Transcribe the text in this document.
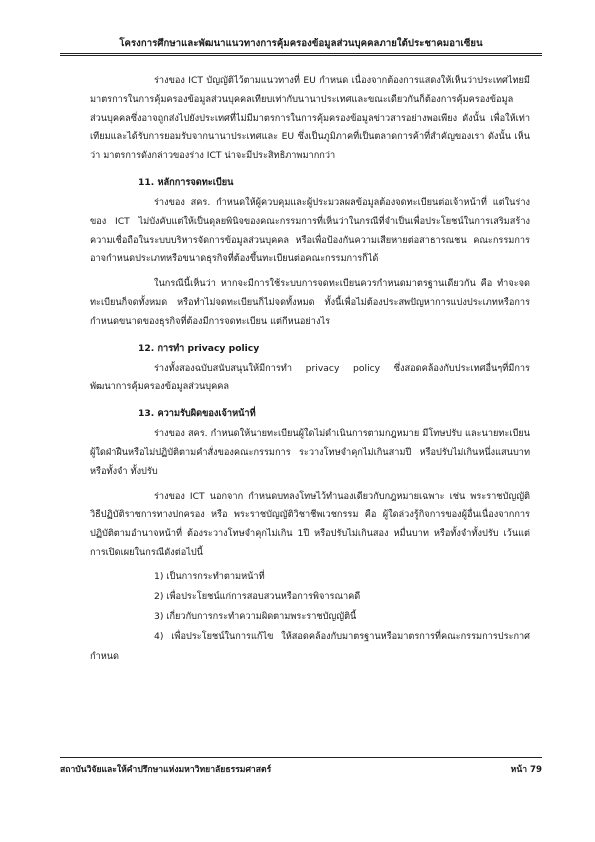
โครงการศึกษาและพัฒนาแนวทางการคุ้มครองข้อมูลส่วนบุคคลภายใต้ประชาคมอาเซียน

ร่างของ ICT บัญญัติไว้ตามแนวทางที่ EU กำหนด เนื่องจากต้องการแสดงให้เห็นว่าประเทศไทยมีมาตรการในการคุ้มครองข้อมูลส่วนบุคคลเทียบเท่ากับนานาประเทศและขณะเดียวกันก็ต้องการคุ้มครองข้อมูลส่วนบุคคลซึ่งอาจถูกส่งไปยังประเทศที่ไม่มีมาตรการในการคุ้มครองข้อมูลข่าวสารอย่างพอเพียง ดังนั้น เพื่อให้เท่าเทียมและได้รับการยอมรับจากนานาประเทศและ EU ซึ่งเป็นภูมิภาคที่เป็นตลาดการค้าที่สำคัญของเรา ดังนั้น เห็นว่า มาตรการดังกล่าวของร่าง ICT น่าจะมีประสิทธิภาพมากกว่า

11. หลักการจดทะเบียน

ร่างของ สคร. กำหนดให้ผู้ควบคุมและผู้ประมวลผลข้อมูลต้องจดทะเบียนต่อเจ้าหน้าที่ แต่ในร่างของ ICT ไม่บังคับแต่ให้เป็นดุลยพินิจของคณะกรรมการที่เห็นว่าในกรณีที่จำเป็นเพื่อประโยชน์ในการเสริมสร้างความเชื่อถือในระบบบริหารจัดการข้อมูลส่วนบุคคล หรือเพื่อป้องกันความเสียหายต่อสาธารณชน คณะกรรมการอาจกำหนดประเภทหรือขนาดธุรกิจที่ต้องขึ้นทะเบียนต่อคณะกรรมการก็ได้

ในกรณีนี้เห็นว่า หากจะมีการใช้ระบบการจดทะเบียนควรกำหนดมาตรฐานเดียวกัน คือ ทำจะจดทะเบียนก็จดทั้งหมด หรือทำไม่จดทะเบียนก็ไม่จดทั้งหมด ทั้งนี้เพื่อไม่ต้องประสพปัญหาการแบ่งประเภทหรือการกำหนดขนาดของธุรกิจที่ต้องมีการจดทะเบียน แต่กีหนอย่างไร

12. การทำ privacy policy

ร่างทั้งสองฉบับสนับสนุนให้มีการทำ privacy policy ซึ่งสอดคล้องกับประเทศอื่นๆที่มีการพัฒนาการคุ้มครองข้อมูลส่วนบุคคล

13. ความรับผิดของเจ้าหน้าที่

ร่างของ สคร. กำหนดให้นายทะเบียนผู้ใดไม่ดำเนินการตามกฎหมาย มีโทษปรับ และนายทะเบียนผู้ใดฝ่าฝืนหรือไม่ปฏิบัติตามคำสั่งของคณะกรรมการ ระวางโทษจำคุกไม่เกินสามปี หรือปรับไม่เกินหนึ่งแสนบาทหรือทั้งจำ ทั้งปรับ

ร่างของ ICT นอกจาก กำหนดบทลงโทษไว้ทำนองเดียวกับกฎหมายเฉพาะ เช่น พระราชบัญญัติวิธีปฏิบัติราชการทางปกครอง หรือ พระราชบัญญัติวิชาชีพเวชกรรม คือ ผู้ใดล่วงรู้กิจการของผู้อื่นเนื่องจากการปฏิบัติตามอำนาจหน้าที่ ต้องระวางโทษจำคุกไม่เกิน 1ปี หรือปรับไม่เกินสอง หมื่นบาท หรือทั้งจำทั้งปรับ เว้นแต่ การเปิดเผยในกรณีดังต่อไปนี้

1) เป็นการกระทำตามหน้าที่
2) เพื่อประโยชน์แก่การสอบสวนหรือการพิจารณาคดี
3) เกี่ยวกับการกระทำความผิดตามพระราชบัญญัตินี้
4) เพื่อประโยชน์ในการแก้ไข ให้สอดคล้องกับมาตรฐานหรือมาตรการที่คณะกรรมการประกาศกำหนด
สถาบันวิจัยและให้คำปรึกษาแห่งมหาวิทยาลัยธรรมศาสตร์	หน้า 79
